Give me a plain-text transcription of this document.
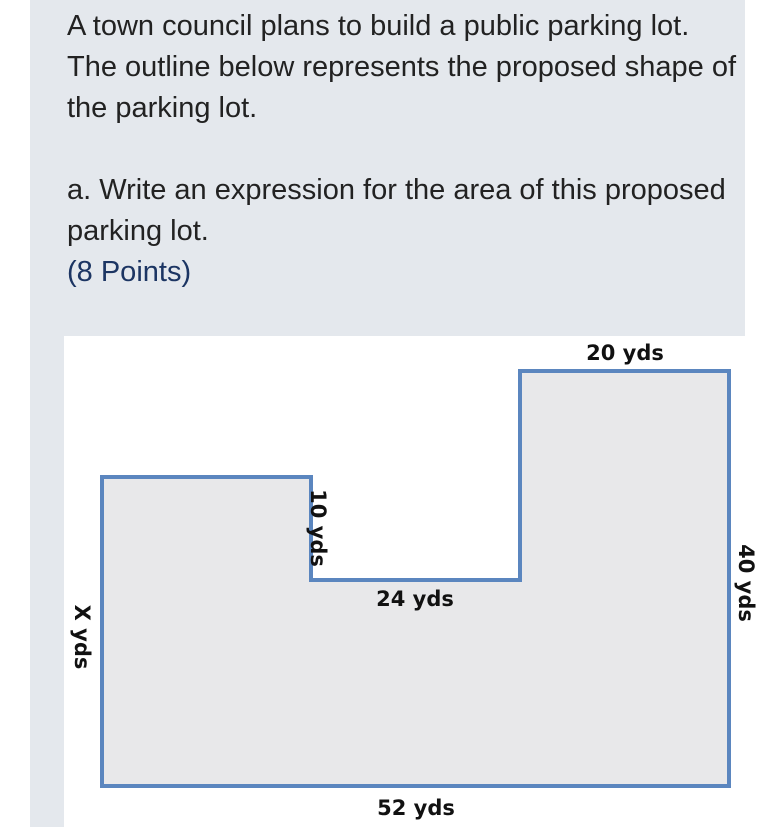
A town council plans to build a public parking lot. The outline below represents the proposed shape of the parking lot.

a. Write an expression for the area of this proposed parking lot.

(8 Points)

20 yds
10 yds
24 yds	40 yds
X yds
52 yds
